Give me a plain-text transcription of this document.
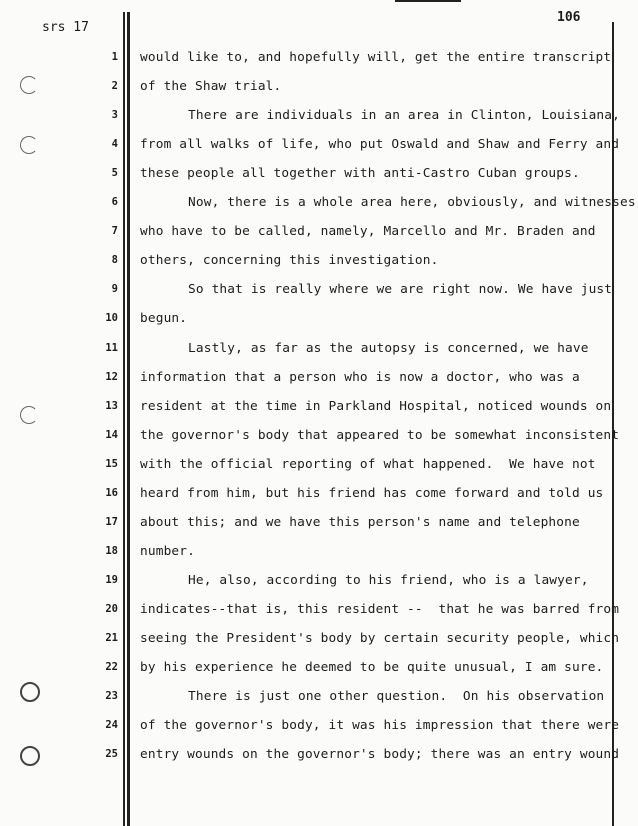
srs 17
106
1 would like to, and hopefully will, get the entire transcript
2 of the Shaw trial.
3	There are individuals in an area in Clinton, Louisiana,
4 from all walks of life, who put Oswald and Shaw and Ferry and
5 these people all together with anti-Castro Cuban groups.
6	Now, there is a whole area here, obviously, and witnesses
7 who have to be called, namely, Marcello and Mr. Braden and
8 others, concerning this investigation.
9	So that is really where we are right now. We have just
10 begun.
11	Lastly, as far as the autopsy is concerned, we have
12 information that a person who is now a doctor, who was a
13 resident at the time in Parkland Hospital, noticed wounds on
14 the governor's body that appeared to be somewhat inconsistent
15 with the official reporting of what happened.  We have not
16 heard from him, but his friend has come forward and told us
17 about this; and we have this person's name and telephone
18 number.
19	He, also, according to his friend, who is a lawyer,
20 indicates--that is, this resident --  that he was barred from
21 seeing the President's body by certain security people, which
22 by his experience he deemed to be quite unusual, I am sure.
23	There is just one other question.  On his observation
24 of the governor's body, it was his impression that there were
25 entry wounds on the governor's body; there was an entry wound
